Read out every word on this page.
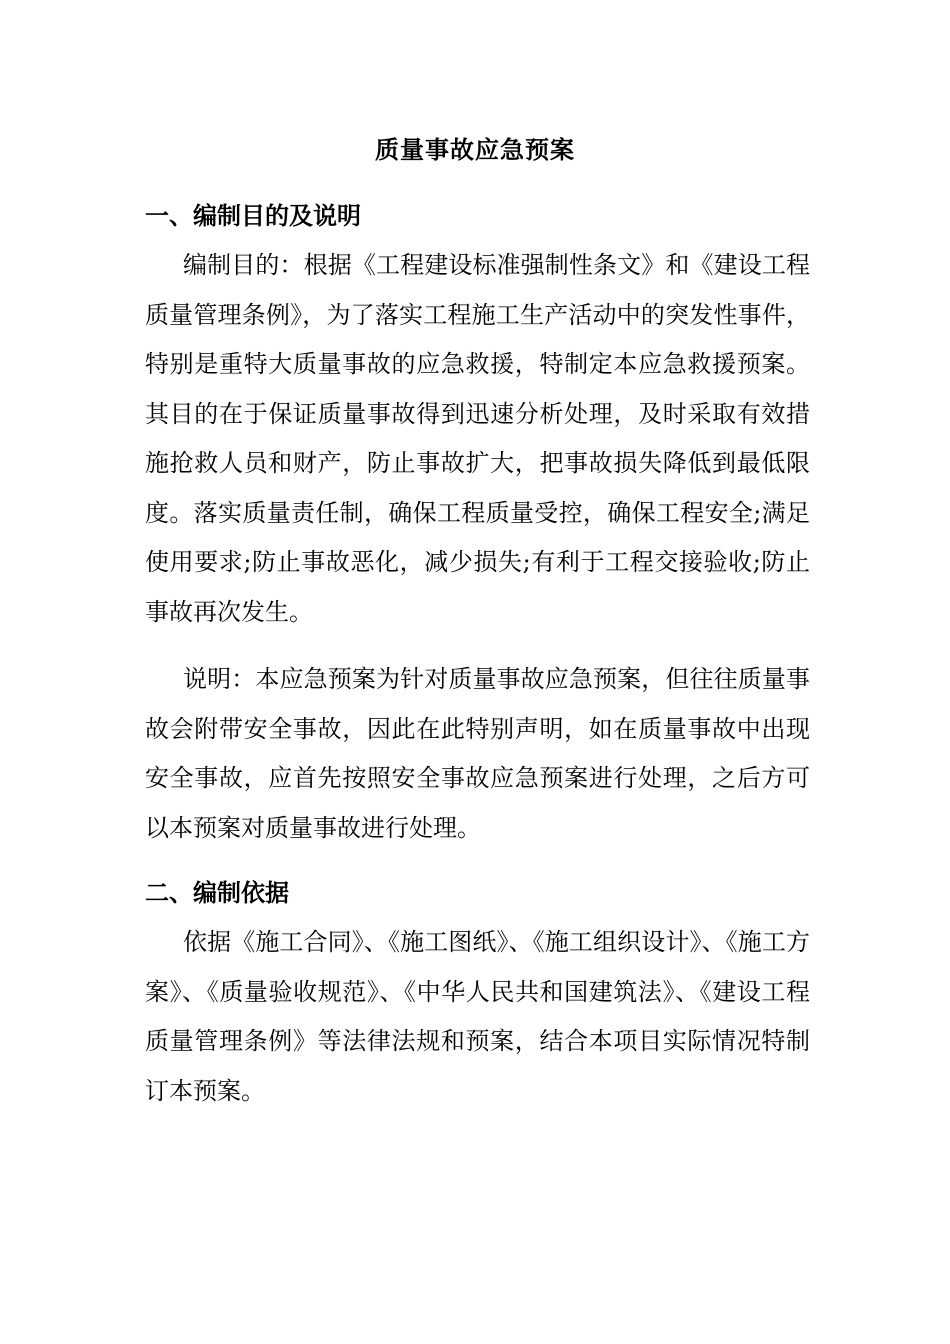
质量事故应急预案
一、编制目的及说明

编制目的：根据《工程建设标准强制性条文》和《建设工程质量管理条例》，为了落实工程施工生产活动中的突发性事件，特别是重特大质量事故的应急救援，特制定本应急救援预案。其目的在于保证质量事故得到迅速分析处理，及时采取有效措施抢救人员和财产，防止事故扩大，把事故损失降低到最低限度。落实质量责任制，确保工程质量受控，确保工程安全;满足使用要求;防止事故恶化，减少损失;有利于工程交接验收;防止事故再次发生。

说明：本应急预案为针对质量事故应急预案，但往往质量事故会附带安全事故，因此在此特别声明，如在质量事故中出现安全事故，应首先按照安全事故应急预案进行处理，之后方可以本预案对质量事故进行处理。

二、编制依据

依据《施工合同》、《施工图纸》、《施工组织设计》、《施工方案》、《质量验收规范》、《中华人民共和国建筑法》、《建设工程质量管理条例》等法律法规和预案，结合本项目实际情况特制订本预案。
